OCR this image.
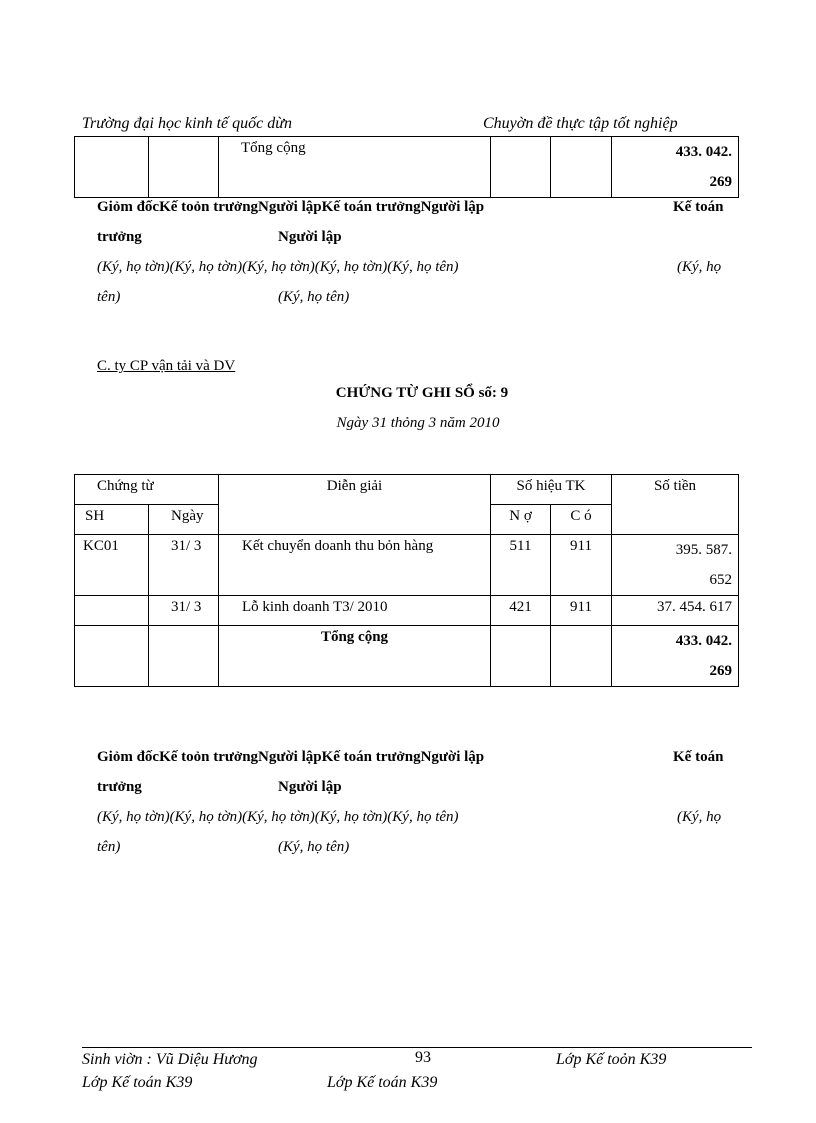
Trường đại học kinh tế quốc dừn	Chuyờn đề thực tập tốt nghiệp
		Tổng cộng			433. 042.
269
Giỏm đốcKế toỏn trưởngNgười lậpKế toán trưởngNgười lập	Kế toán
trưởng	Người lập
(Ký, họ tờn)(Ký, họ tờn)(Ký, họ tờn)(Ký, họ tờn)(Ký, họ tên)	(Ký, họ
tên)	(Ký, họ tên)
C. ty CP vận tải và DV
CHỨNG TỪ GHI SỔ số: 9
Ngày 31 thỏng 3 năm 2010
Chứng từ		Diễn giải	Số hiệu TK		Số tiền
SH	Ngày		N ợ	C ó	
KC01	31/ 3	Kết chuyển doanh thu bỏn hàng	511	911	395. 587.
652

	31/ 3	Lỗ kinh doanh T3/ 2010	421	911	37. 454. 617
		Tổng cộng			433. 042.
269
Giỏm đốcKế toỏn trưởngNgười lậpKế toán trưởngNgười lập	Kế toán
trưởng	Người lập
(Ký, họ tờn)(Ký, họ tờn)(Ký, họ tờn)(Ký, họ tờn)(Ký, họ tên)	(Ký, họ
tên)	(Ký, họ tên)
Sinh viờn : Vũ Diệu Hương	93	Lớp Kế toỏn K39
Lớp Kế toán K39	Lớp Kế toán K39
